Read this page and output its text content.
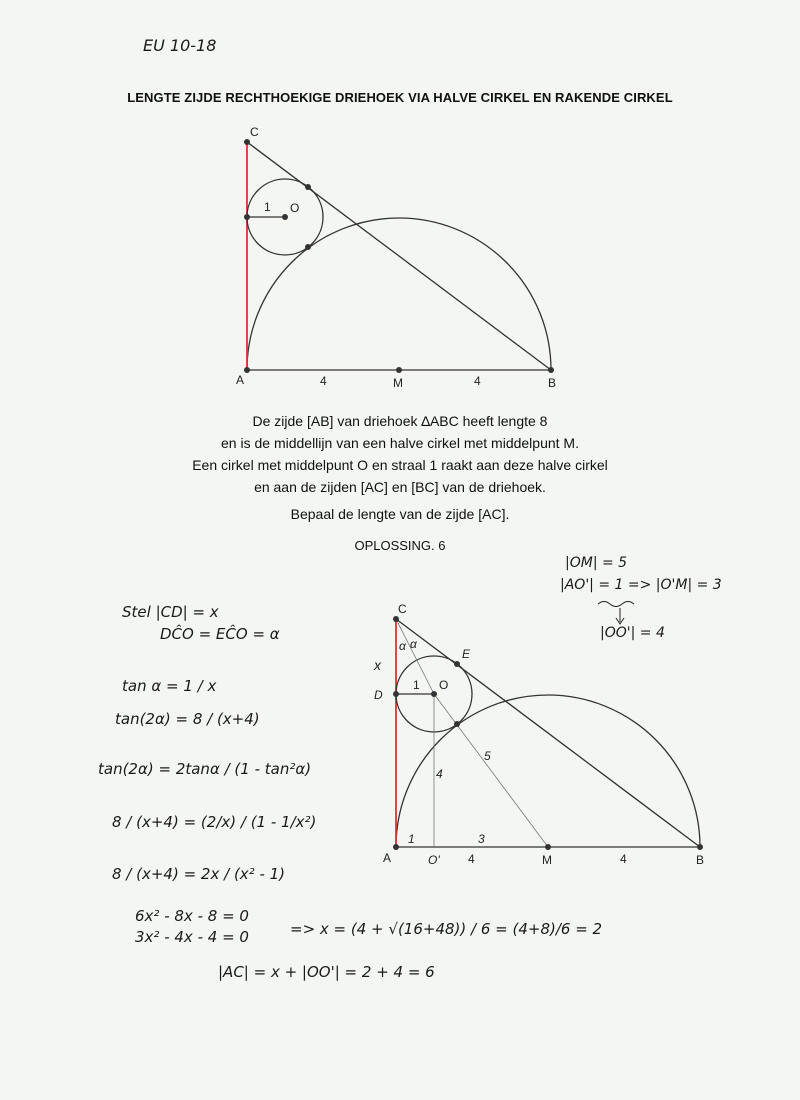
EU 10-18
LENGTE ZIJDE RECHTHOEKIGE DRIEHOEK VIA HALVE CIRKEL EN RAKENDE CIRKEL
C
A	M	B
O
1
4	4
De zijde [AB] van driehoek ∆ABC heeft lengte 8
en is de middellijn van een halve cirkel met middelpunt M.
Een cirkel met middelpunt O en straal 1 raakt aan deze halve cirkel
en aan de zijden [AC] en [BC] van de driehoek.
Bepaal de lengte van de zijde [AC].
OPLOSSING. 6
|OM| = 5
|AO'| = 1 => |O'M| = 3
|OO'| = 4
C
A	M	B
O
1
D
E
x
α α
4
5
1	3
O' 4	4
Stel |CD| = x
DĈO = EĈO = α
tan α = 1 / x
tan(2α) = 8 / (x+4)
tan(2α) = 2tanα / (1 - tan²α)
8 / (x+4) = (2/x) / (1 - 1/x²)
8 / (x+4) = 2x / (x² - 1)
6x² - 8x - 8 = 0
3x² - 4x - 4 = 0	=> x = (4 + √(16+48)) / 6 = (4+8)/6 = 2
|AC| = x + |OO'| = 2 + 4 = 6
